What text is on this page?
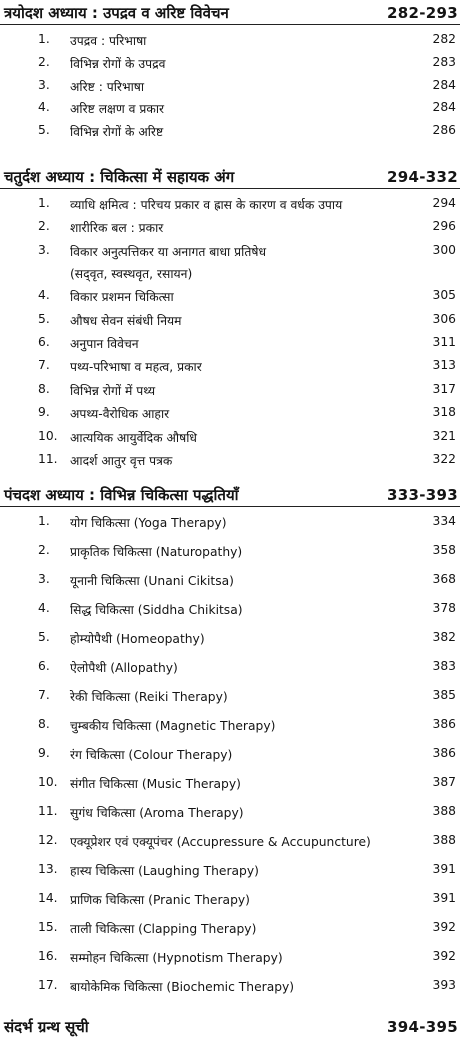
त्रयोदश अध्याय : उपद्रव व अरिष्ट विवेचन	282-293
1. उपद्रव : परिभाषा	282
2. विभिन्न रोगों के उपद्रव	283
3. अरिष्ट : परिभाषा	284
4. अरिष्ट लक्षण व प्रकार	284
5. विभिन्न रोगों के अरिष्ट	286
चतुर्दश अध्याय : चिकित्सा में सहायक अंग	294-332
1. व्याधि क्षमित्व : परिचय प्रकार व ह्रास के कारण व वर्धक उपाय	294
2. शारीरिक बल : प्रकार	296
3. विकार अनुत्पत्तिकर या अनागत बाधा प्रतिषेध	300
(सद्‌वृत, स्वस्थवृत, रसायन)
4. विकार प्रशमन चिकित्सा	305
5. औषध सेवन संबंधी नियम	306
6. अनुपान विवेचन	311
7. पथ्य-परिभाषा व महत्व, प्रकार	313
8. विभिन्न रोगों में पथ्य	317
9. अपथ्य-वैरोधिक आहार	318
10. आत्ययिक आयुर्वेदिक औषधि	321
11. आदर्श आतुर वृत्त पत्रक	322
पंचदश अध्याय : विभिन्न चिकित्सा पद्धतियाँ	333-393
1. योग चिकित्सा (Yoga Therapy)	334
2. प्राकृतिक चिकित्सा (Naturopathy)	358
3. यूनानी चिकित्सा (Unani Cikitsa)	368
4. सिद्ध चिकित्सा (Siddha Chikitsa)	378
5. होम्योपैथी (Homeopathy)	382
6. ऐलोपैथी (Allopathy)	383
7. रेकी चिकित्सा (Reiki Therapy)	385
8. चुम्बकीय चिकित्सा (Magnetic Therapy)	386
9. रंग चिकित्सा (Colour Therapy)	386
10. संगीत चिकित्सा (Music Therapy)	387
11. सुगंध चिकित्सा (Aroma Therapy)	388
12. एक्यूप्रेशर एवं एक्यूपंचर (Accupressure & Accupuncture)	388
13. हास्य चिकित्सा (Laughing Therapy)	391
14. प्राणिक चिकित्सा (Pranic Therapy)	391
15. ताली चिकित्सा (Clapping Therapy)	392
16. सम्मोहन चिकित्सा (Hypnotism Therapy)	392
17. बायोकेमिक चिकित्सा (Biochemic Therapy)	393
संदर्भ ग्रन्थ सूची	394-395
